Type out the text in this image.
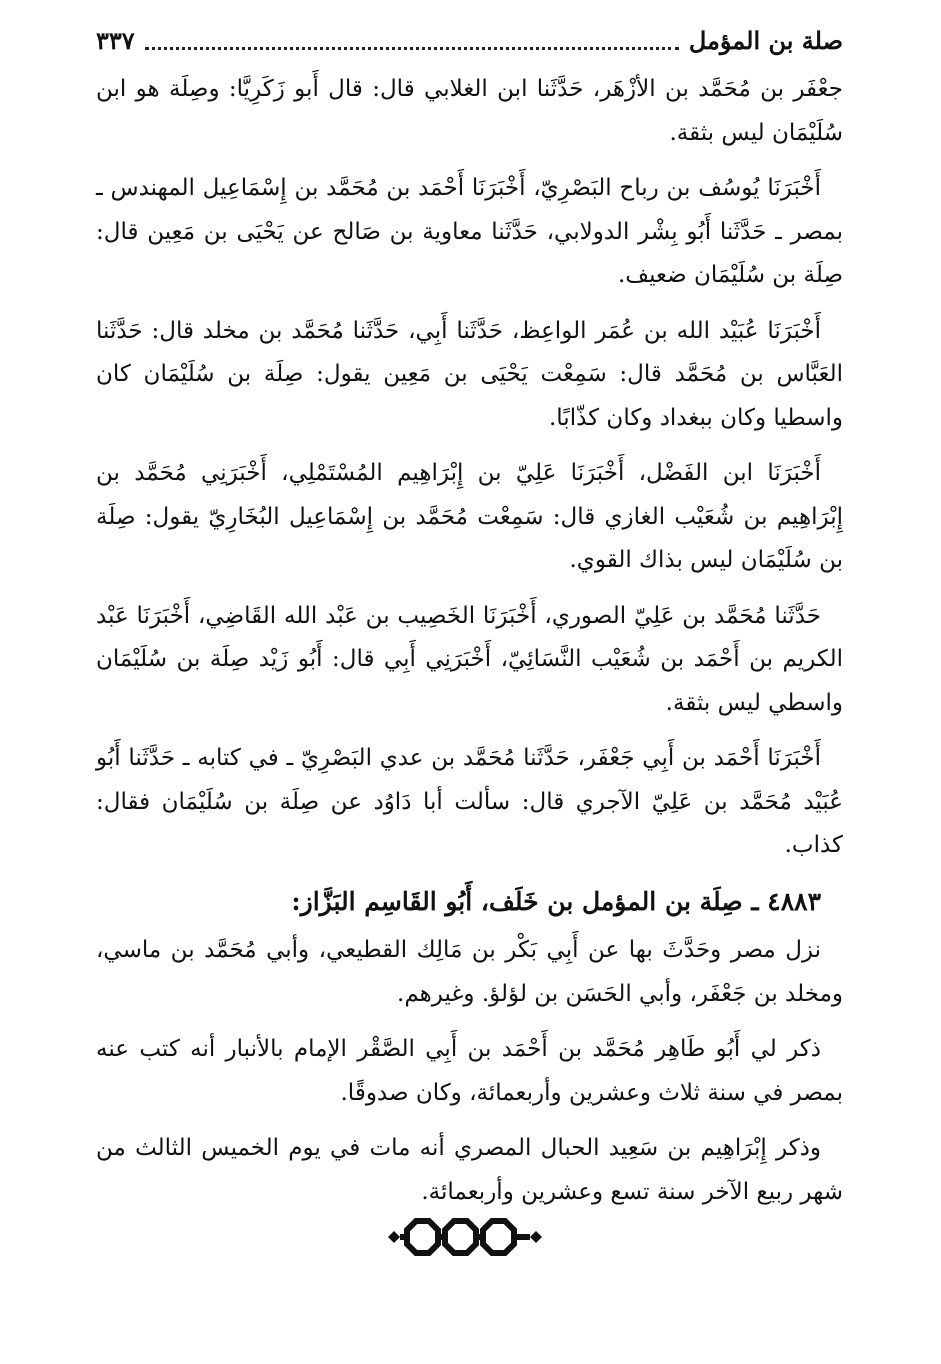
صلة بن المؤمل
٣٣٧

جعْفَر بن مُحَمَّد بن الأزْهَر، حَدَّثَنا ابن الغلابي قال: قال أَبو زَكَرِيَّا: وصِلَة هو ابن سُلَيْمَان ليس بثقة.

أَخْبَرَنَا يُوسُف بن رباح البَصْرِيّ، أَخْبَرَنَا أَحْمَد بن مُحَمَّد بن إِسْمَاعِيل المهندس ـ بمصر ـ حَدَّثَنا أَبُو بِشْر الدولابي، حَدَّثَنا معاوية بن صَالح عن يَحْيَى بن مَعِين قال: صِلَة بن سُلَيْمَان ضعيف.

أَخْبَرَنَا عُبَيْد الله بن عُمَر الواعِظ، حَدَّثَنا أَبِي، حَدَّثَنا مُحَمَّد بن مخلد قال: حَدَّثَنا العَبَّاس بن مُحَمَّد قال: سَمِعْت يَحْيَى بن مَعِين يقول: صِلَة بن سُلَيْمَان كان واسطيا وكان ببغداد وكان كذّابًا.

أَخْبَرَنَا ابن الفَضْل، أَخْبَرَنَا عَلِيّ بن إِبْرَاهِيم المُسْتَمْلِي، أَخْبَرَنِي مُحَمَّد بن إِبْرَاهِيم بن شُعَيْب الغازي قال: سَمِعْت مُحَمَّد بن إِسْمَاعِيل البُخَارِيّ يقول: صِلَة بن سُلَيْمَان ليس بذاك القوي.

حَدَّثَنا مُحَمَّد بن عَلِيّ الصوري، أَخْبَرَنَا الخَصِيب بن عَبْد الله القَاضِي، أَخْبَرَنَا عَبْد الكريم بن أَحْمَد بن شُعَيْب النَّسَائِيّ، أَخْبَرَنِي أَبِي قال: أَبُو زَيْد صِلَة بن سُلَيْمَان واسطي ليس بثقة.

أَخْبَرَنَا أَحْمَد بن أَبِي جَعْفَر، حَدَّثَنا مُحَمَّد بن عدي البَصْرِيّ ـ في كتابه ـ حَدَّثَنا أَبُو عُبَيْد مُحَمَّد بن عَلِيّ الآجري قال: سألت أبا دَاوُد عن صِلَة بن سُلَيْمَان فقال: كذاب.

٤٨٨٣ ـ صِلَة بن المؤمل بن خَلَف، أَبُو القَاسِم البَزَّاز:

نزل مصر وحَدَّثَ بها عن أَبِي بَكْر بن مَالِك القطيعي، وأبي مُحَمَّد بن ماسي، ومخلد بن جَعْفَر، وأبي الحَسَن بن لؤلؤ. وغيرهم.

ذكر لي أَبُو طَاهِر مُحَمَّد بن أَحْمَد بن أَبِي الصَّقْر الإمام بالأنبار أنه كتب عنه بمصر في سنة ثلاث وعشرين وأربعمائة، وكان صدوقًا.

وذكر إِبْرَاهِيم بن سَعِيد الحبال المصري أنه مات في يوم الخميس الثالث من شهر ربيع الآخر سنة تسع وعشرين وأربعمائة.
